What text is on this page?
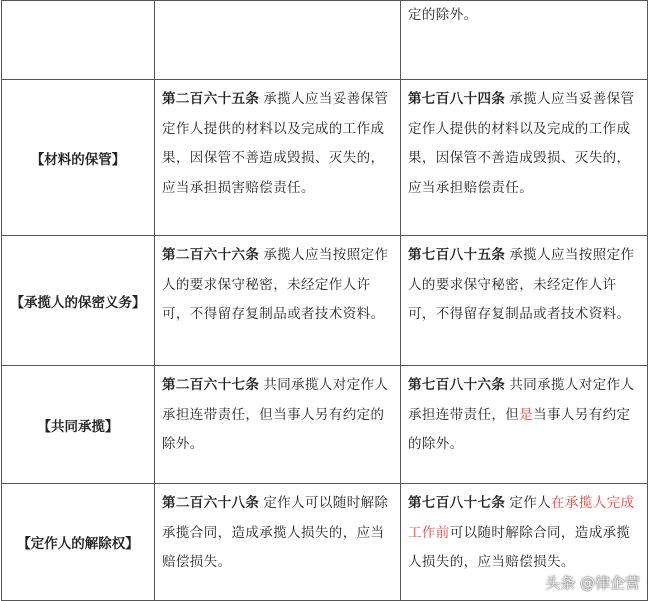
		定的除外。

【材料的保管】	第二百六十五条 承揽人应当妥善保管定作人提供的材料以及完成的工作成果，因保管不善造成毁损、灭失的，应当承担损害赔偿责任。	第七百八十四条 承揽人应当妥善保管定作人提供的材料以及完成的工作成果，因保管不善造成毁损、灭失的，应当承担赔偿责任。

【承揽人的保密义务】	第二百六十六条 承揽人应当按照定作人的要求保守秘密，未经定作人许可，不得留存复制品或者技术资料。	第七百八十五条 承揽人应当按照定作人的要求保守秘密，未经定作人许可，不得留存复制品或者技术资料。

【共同承揽】	第二百六十七条 共同承揽人对定作人承担连带责任，但当事人另有约定的除外。	第七百八十六条 共同承揽人对定作人承担连带责任，但是当事人另有约定的除外。

【定作人的解除权】	第二百六十八条 定作人可以随时解除承揽合同，造成承揽人损失的，应当赔偿损失。	第七百八十七条 定作人在承揽人完成工作前可以随时解除合同，造成承揽人损失的，应当赔偿损失。
头条 @律企营
